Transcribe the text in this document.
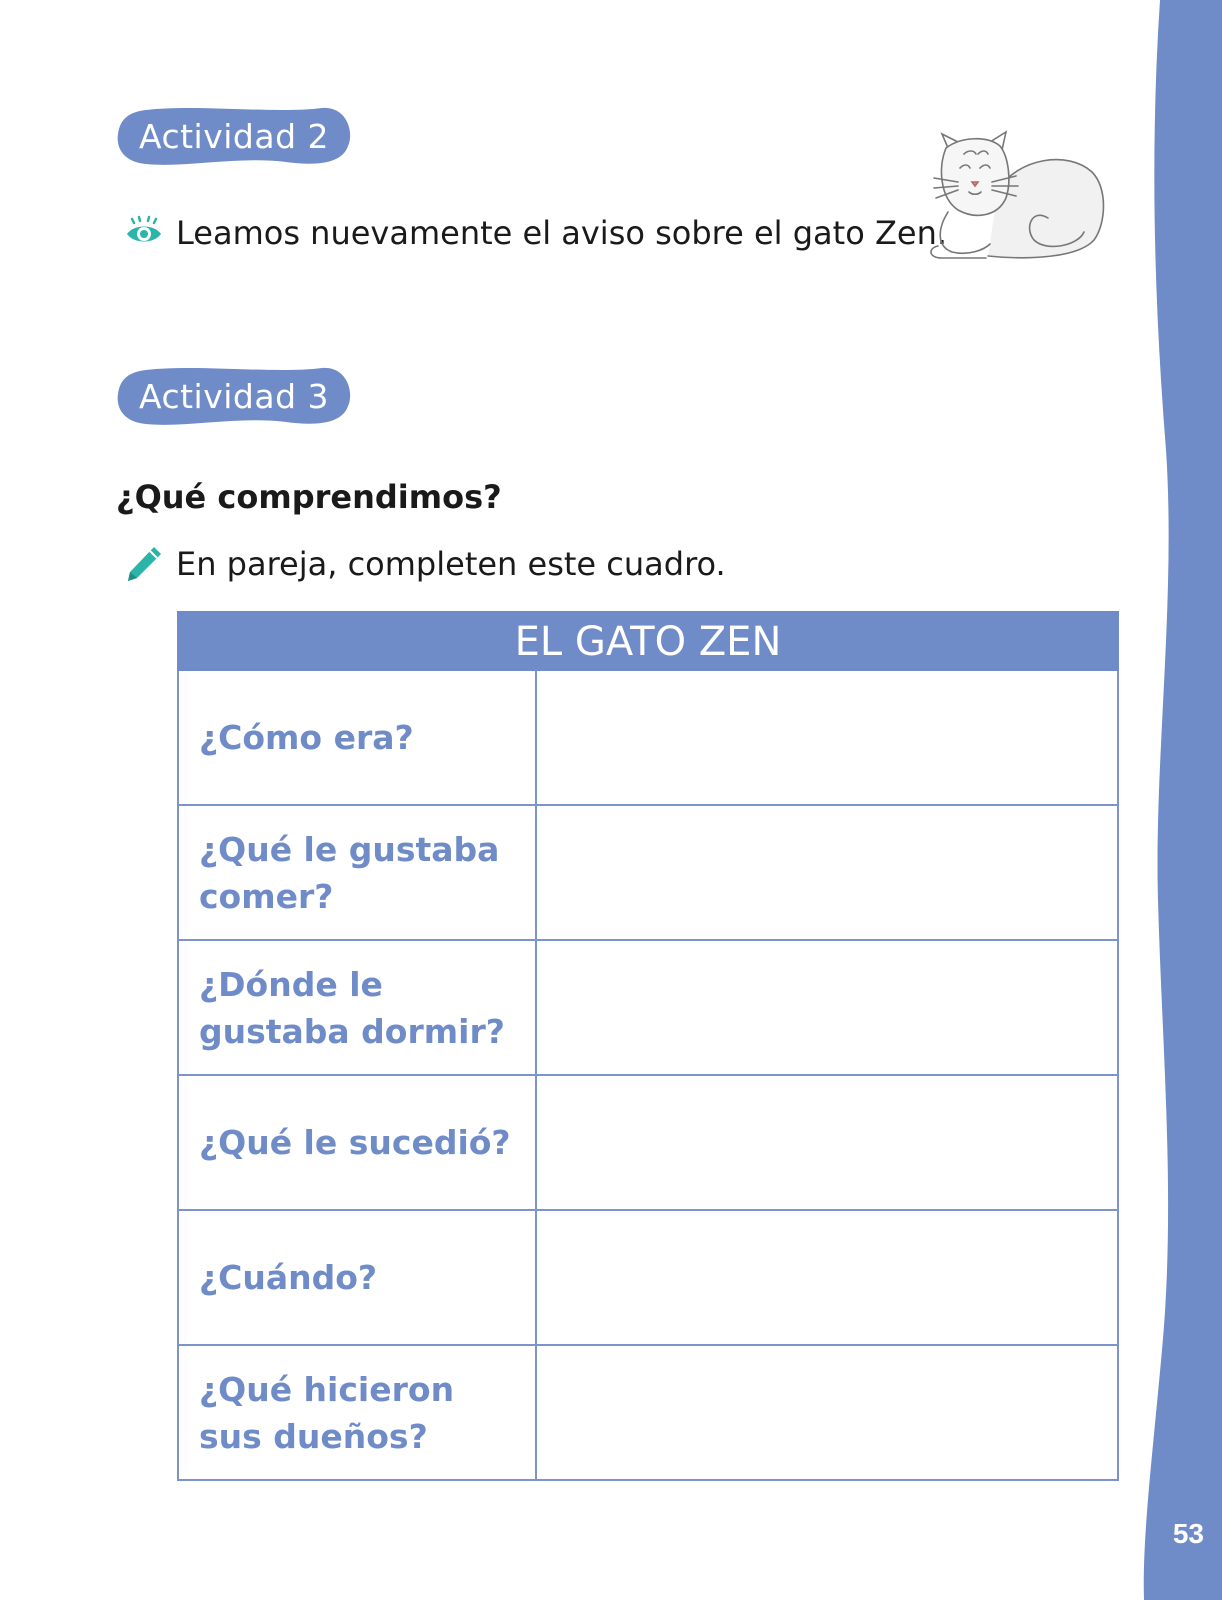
53
Actividad 2
Leamos nuevamente el aviso sobre el gato Zen.
Actividad 3
¿Qué comprendimos?
En pareja, completen este cuadro.
EL GATO ZEN
¿Cómo era?
¿Qué le gustaba comer?
¿Dónde le gustaba dormir?
¿Qué le sucedió?
¿Cuándo?
¿Qué hicieron sus dueños?
